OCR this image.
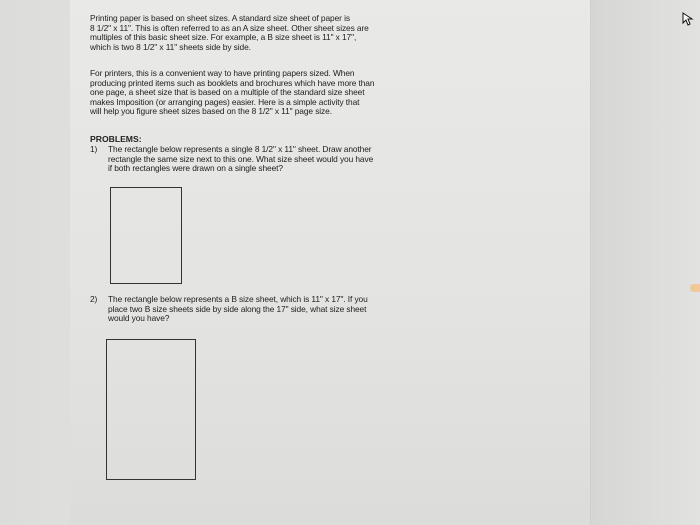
Printing paper is based on sheet sizes. A standard size sheet of paper is
8 1/2" x 11". This is often referred to as an A size sheet. Other sheet sizes are
multiples of this basic sheet size. For example, a B size sheet is 11" x 17",
which is two 8 1/2" x 11" sheets side by side.
For printers, this is a convenient way to have printing papers sized. When
producing printed items such as booklets and brochures which have more than
one page, a sheet size that is based on a multiple of the standard size sheet
makes Imposition (or arranging pages) easier. Here is a simple activity that
will help you figure sheet sizes based on the 8 1/2" x 11" page size.
PROBLEMS:
1) The rectangle below represents a single 8 1/2" x 11" sheet. Draw another
rectangle the same size next to this one. What size sheet would you have
if both rectangles were drawn on a single sheet?
2) The rectangle below represents a B size sheet, which is 11" x 17". If you
place two B size sheets side by side along the 17" side, what size sheet
would you have?
